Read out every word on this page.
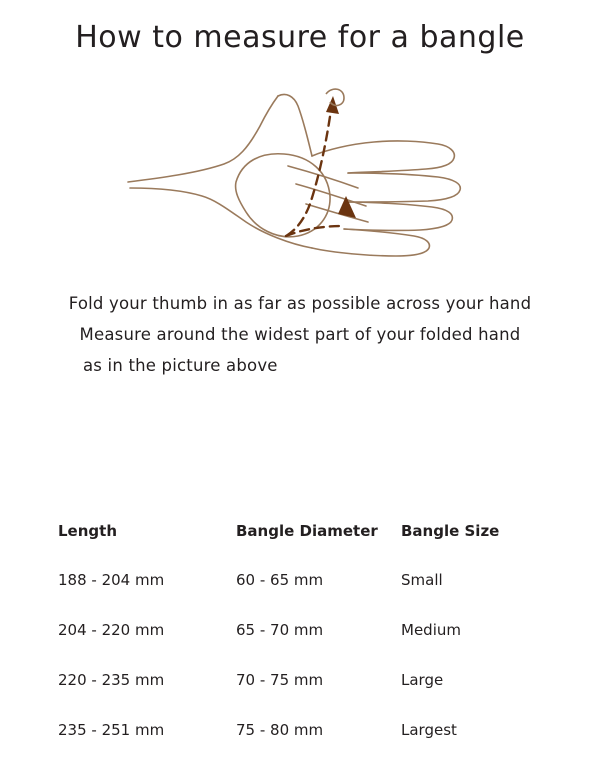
How to measure for a bangle
Fold your thumb in as far as possible across your hand
Measure around the widest part of your folded hand
as in the picture above
Length	Bangle Diameter	Bangle Size
188 - 204 mm	60 - 65 mm	Small
204 - 220 mm	65 - 70 mm	Medium
220 - 235 mm	70 - 75 mm	Large
235 - 251 mm	75 - 80 mm	Largest
